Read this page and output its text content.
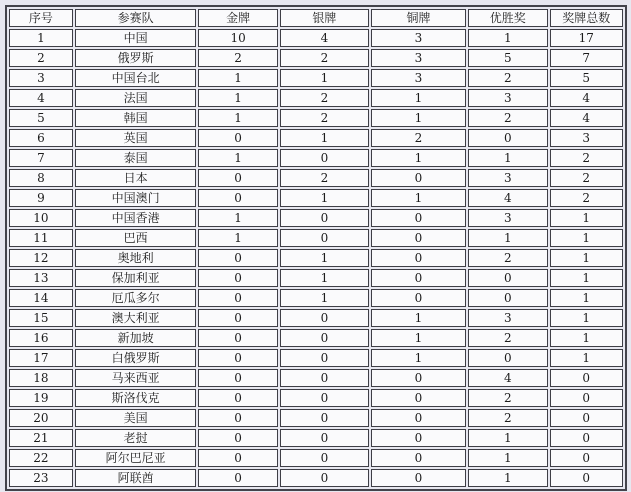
序号	参赛队	金牌	银牌	铜牌	优胜奖	奖牌总数
1	中国	10	4	3	1	17
2	俄罗斯	2	2	3	5	7
3	中国台北	1	1	3	2	5
4	法国	1	2	1	3	4
5	韩国	1	2	1	2	4
6	英国	0	1	2	0	3
7	泰国	1	0	1	1	2
8	日本	0	2	0	3	2
9	中国澳门	0	1	1	4	2
10	中国香港	1	0	0	3	1
11	巴西	1	0	0	1	1
12	奥地利	0	1	0	2	1
13	保加利亚	0	1	0	0	1
14	厄瓜多尔	0	1	0	0	1
15	澳大利亚	0	0	1	3	1
16	新加坡	0	0	1	2	1
17	白俄罗斯	0	0	1	0	1
18	马来西亚	0	0	0	4	0
19	斯洛伐克	0	0	0	2	0
20	美国	0	0	0	2	0
21	老挝	0	0	0	1	0
22	阿尔巴尼亚	0	0	0	1	0
23	阿联酋	0	0	0	1	0
